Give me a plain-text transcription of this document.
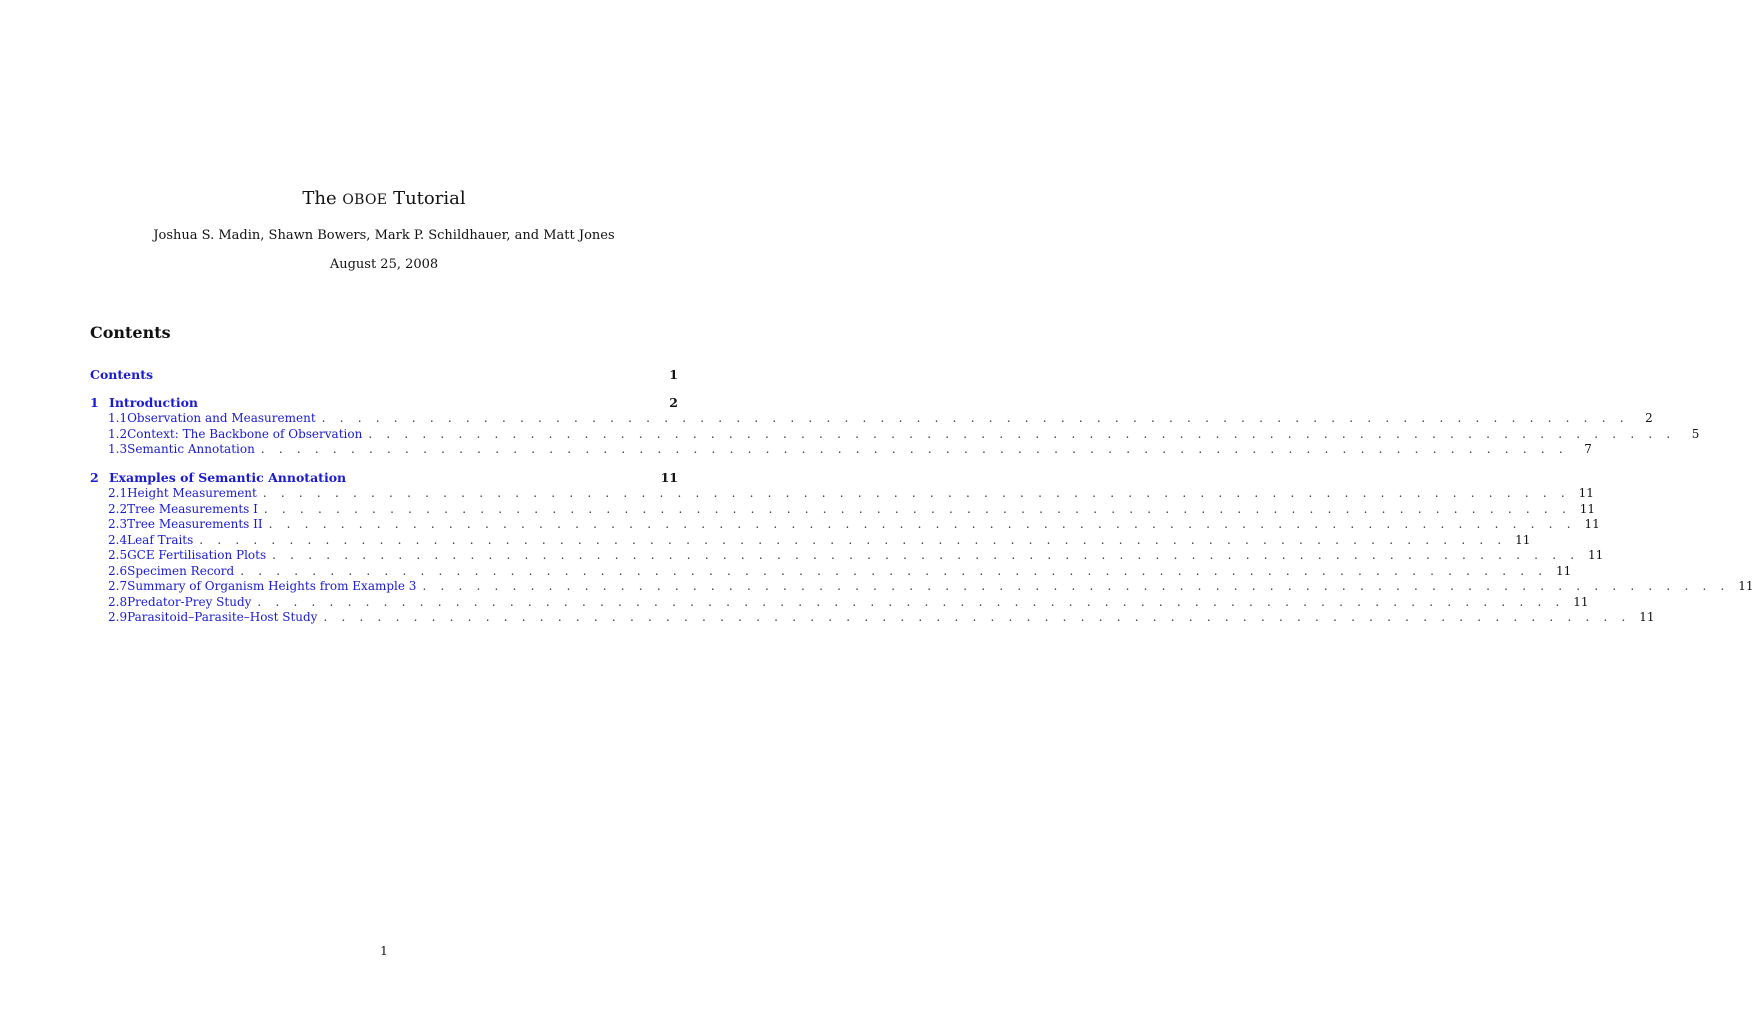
The OBOE Tutorial
Joshua S. Madin, Shawn Bowers, Mark P. Schildhauer, and Matt Jones
August 25, 2008
Contents
Contents	1
1 Introduction	2
1.1 Observation and Measurement . . . . . . . . . . . . . . . . . . . . . . . . . . . . . . . . . . . . . . . . . . . . . . . . . . . . . . . . . . . . . . . . . . . . . . . . .	2
1.2 Context: The Backbone of Observation . . . . . . . . . . . . . . . . . . . . . . . . . . . . . . . . . . . . . . . . . . . . . . . . . . . . . . . . . . . . . . . . . . . . . . . . .	5
1.3 Semantic Annotation . . . . . . . . . . . . . . . . . . . . . . . . . . . . . . . . . . . . . . . . . . . . . . . . . . . . . . . . . . . . . . . . . . . . . . . . .	7
2 Examples of Semantic Annotation	11
2.1 Height Measurement . . . . . . . . . . . . . . . . . . . . . . . . . . . . . . . . . . . . . . . . . . . . . . . . . . . . . . . . . . . . . . . . . . . . . . . . . 11
2.2 Tree Measurements I . . . . . . . . . . . . . . . . . . . . . . . . . . . . . . . . . . . . . . . . . . . . . . . . . . . . . . . . . . . . . . . . . . . . . . . . . 11
2.3 Tree Measurements II . . . . . . . . . . . . . . . . . . . . . . . . . . . . . . . . . . . . . . . . . . . . . . . . . . . . . . . . . . . . . . . . . . . . . . . . . 11
2.4 Leaf Traits . . . . . . . . . . . . . . . . . . . . . . . . . . . . . . . . . . . . . . . . . . . . . . . . . . . . . . . . . . . . . . . . . . . . . . . . . 11
2.5 GCE Fertilisation Plots . . . . . . . . . . . . . . . . . . . . . . . . . . . . . . . . . . . . . . . . . . . . . . . . . . . . . . . . . . . . . . . . . . . . . . . . . 11
2.6 Specimen Record . . . . . . . . . . . . . . . . . . . . . . . . . . . . . . . . . . . . . . . . . . . . . . . . . . . . . . . . . . . . . . . . . . . . . . . . . 11
2.7 Summary of Organism Heights from Example 3 . . . . . . . . . . . . . . . . . . . . . . . . . . . . . . . . . . . . . . . . . . . . . . . . . . . . . . . . . . . . . . . . . . . . . . . . . 11
2.8 Predator-Prey Study . . . . . . . . . . . . . . . . . . . . . . . . . . . . . . . . . . . . . . . . . . . . . . . . . . . . . . . . . . . . . . . . . . . . . . . . . 11
2.9 Parasitoid–Parasite–Host Study . . . . . . . . . . . . . . . . . . . . . . . . . . . . . . . . . . . . . . . . . . . . . . . . . . . . . . . . . . . . . . . . . . . . . . . . . 11
1
